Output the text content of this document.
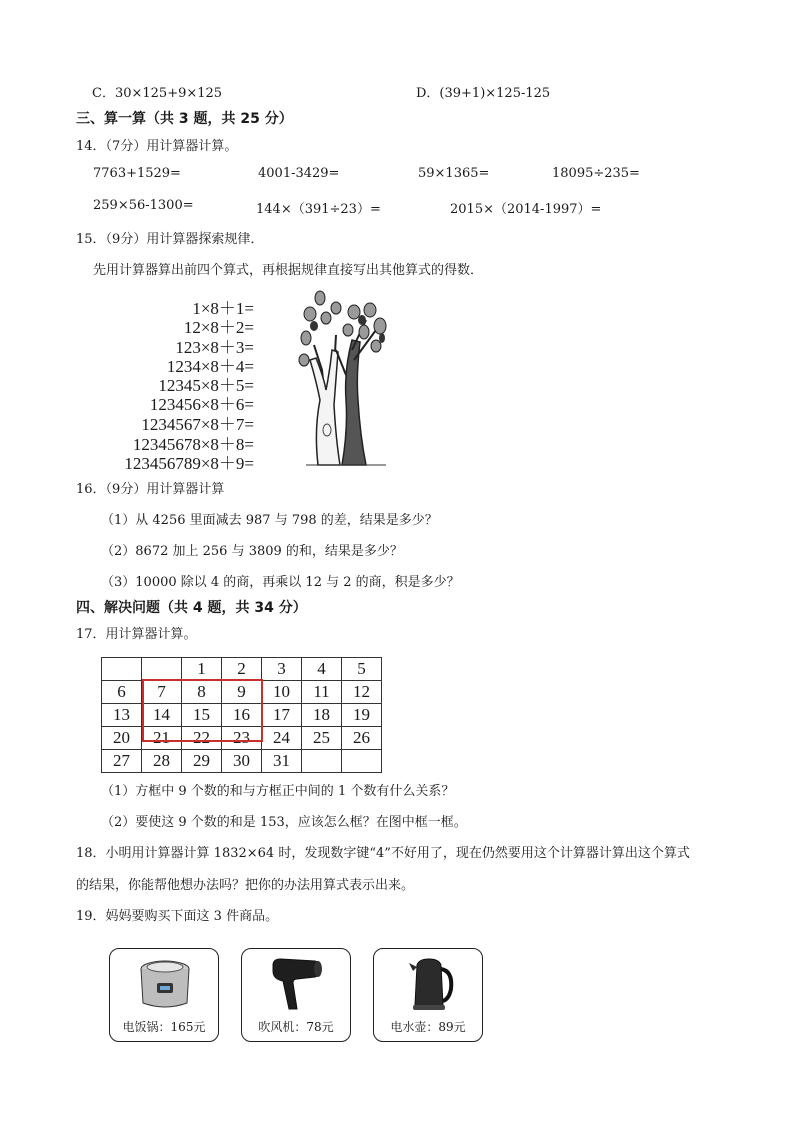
C．30×125+9×125	D．(39+1)×125-125
三、算一算（共 3 题，共 25 分）
14．（7分）用计算器计算。
7763+1529=	4001-3429=	59×1365=	18095÷235=
259×56-1300=	144×（391÷23）=	2015×（2014-1997）=
15．（9分）用计算器探索规律．
先用计算器算出前四个算式，再根据规律直接写出其他算式的得数．
1×8＋1=
12×8＋2=
123×8＋3=
1234×8＋4=
12345×8＋5=
123456×8＋6=
1234567×8＋7=
12345678×8＋8=
123456789×8＋9=
16．（9分）用计算器计算
（1）从 4256 里面减去 987 与 798 的差，结果是多少？
（2）8672 加上 256 与 3809 的和，结果是多少？
（3）10000 除以 4 的商，再乘以 12 与 2 的商，积是多少？
四、解决问题（共 4 题，共 34 分）
17．用计算器计算。
		1	2	3	4	5
6	7	8	9	10	11	12
13	14	15	16	17	18	19
20	21	22	23	24	25	26
27	28	29	30	31		
（1）方框中 9 个数的和与方框正中间的 1 个数有什么关系？
（2）要使这 9 个数的和是 153，应该怎么框？在图中框一框。
18．小明用计算器计算 1832×64 时，发现数字键“4”不好用了，现在仍然要用这个计算器计算出这个算式
的结果，你能帮他想办法吗？把你的办法用算式表示出来。
19．妈妈要购买下面这 3 件商品。
电饭锅：165元	吹风机：78元	电水壶：89元
